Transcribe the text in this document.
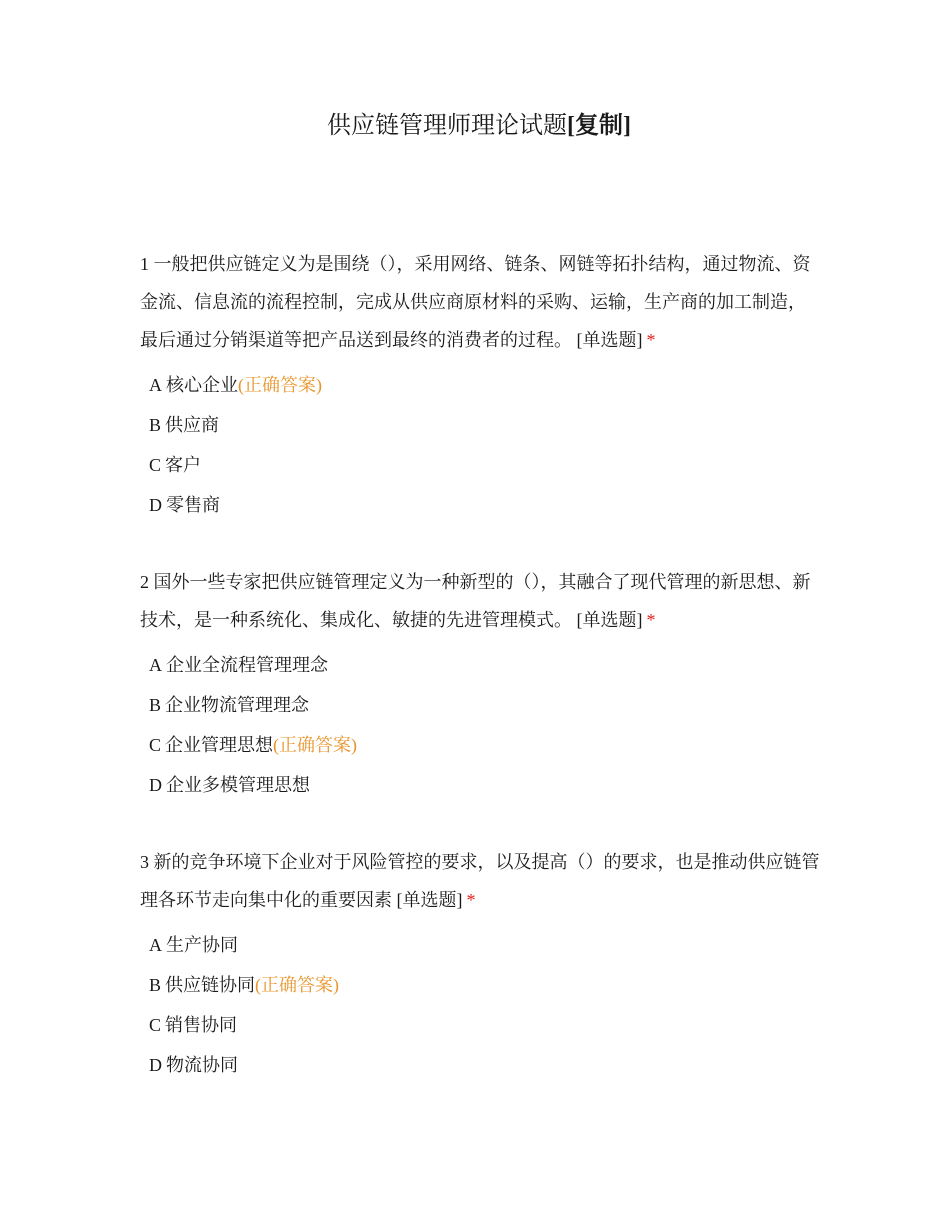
供应链管理师理论试题[复制]

1 一般把供应链定义为是围绕（），采用网络、链条、网链等拓扑结构，通过物流、资金流、信息流的流程控制，完成从供应商原材料的采购、运输，生产商的加工制造，最后通过分销渠道等把产品送到最终的消费者的过程。 [单选题] *

A 核心企业(正确答案)
B 供应商
C 客户
D 零售商

2 国外一些专家把供应链管理定义为一种新型的（），其融合了现代管理的新思想、新技术，是一种系统化、集成化、敏捷的先进管理模式。 [单选题] *

A 企业全流程管理理念
B 企业物流管理理念
C 企业管理思想(正确答案)
D 企业多模管理思想

3 新的竞争环境下企业对于风险管控的要求，以及提高（）的要求，也是推动供应链管理各环节走向集中化的重要因素 [单选题] *

A 生产协同
B 供应链协同(正确答案)
C 销售协同
D 物流协同
